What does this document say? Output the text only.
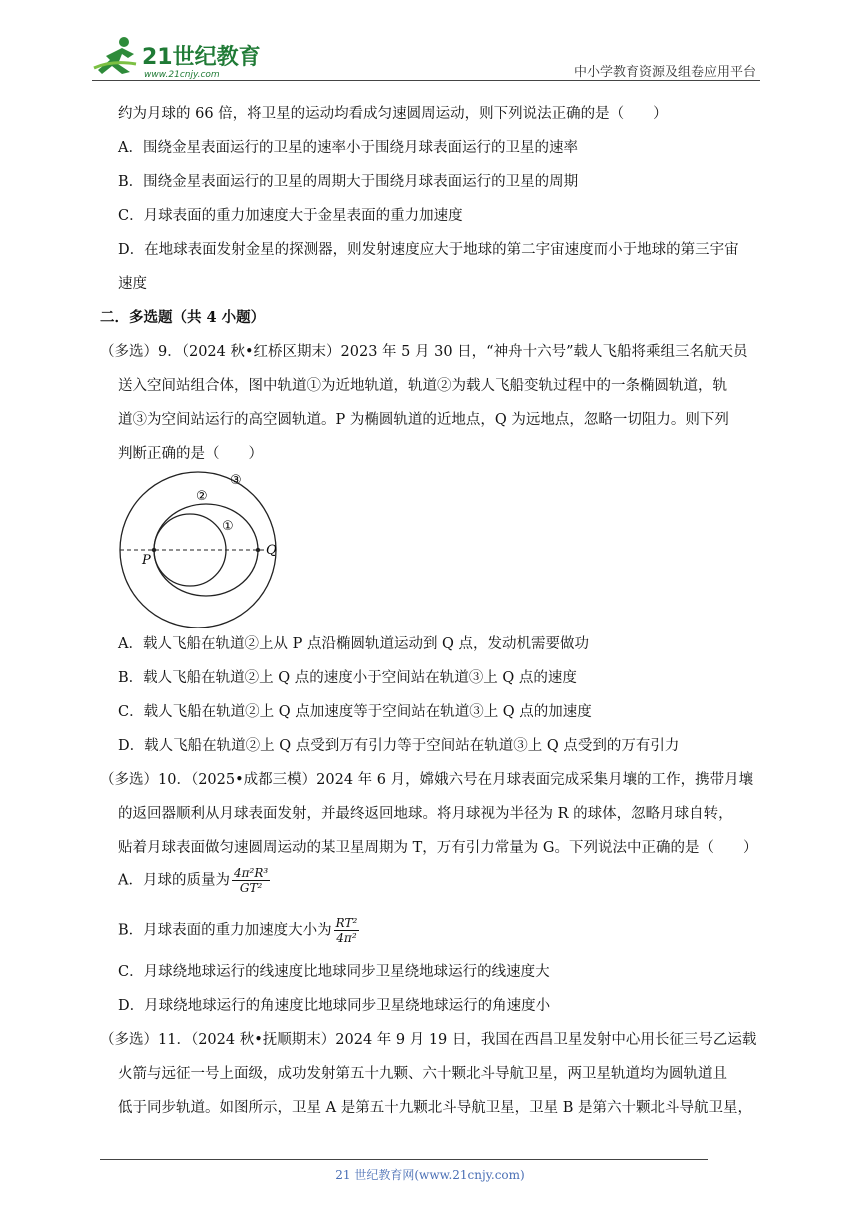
21世纪教育
www.21cnjy.com	中小学教育资源及组卷应用平台
约为月球的 66 倍，将卫星的运动均看成匀速圆周运动，则下列说法正确的是（　　）
A．围绕金星表面运行的卫星的速率小于围绕月球表面运行的卫星的速率
B．围绕金星表面运行的卫星的周期大于围绕月球表面运行的卫星的周期
C．月球表面的重力加速度大于金星表面的重力加速度
D．在地球表面发射金星的探测器，则发射速度应大于地球的第二宇宙速度而小于地球的第三宇宙
速度
二．多选题（共 4 小题）
（多选）9．（2024 秋•红桥区期末）2023 年 5 月 30 日，“神舟十六号”载人飞船将乘组三名航天员
送入空间站组合体，图中轨道①为近地轨道，轨道②为载人飞船变轨过程中的一条椭圆轨道，轨
道③为空间站运行的高空圆轨道。P 为椭圆轨道的近地点，Q 为远地点，忽略一切阻力。则下列
判断正确的是（　　）
③
②
①
P
Q
A．载人飞船在轨道②上从 P 点沿椭圆轨道运动到 Q 点，发动机需要做功
B．载人飞船在轨道②上 Q 点的速度小于空间站在轨道③上 Q 点的速度
C．载人飞船在轨道②上 Q 点加速度等于空间站在轨道③上 Q 点的加速度
D．载人飞船在轨道②上 Q 点受到万有引力等于空间站在轨道③上 Q 点受到的万有引力
（多选）10．（2025•成都三模）2024 年 6 月，嫦娥六号在月球表面完成采集月壤的工作，携带月壤
的返回器顺利从月球表面发射，并最终返回地球。将月球视为半径为 R 的球体，忽略月球自转，
贴着月球表面做匀速圆周运动的某卫星周期为 T，万有引力常量为 G。下列说法中正确的是（　　）
A．月球的质量为 $\frac{\text{4π²R³}}{\text{GT²}}$
B．月球表面的重力加速度大小为 $\frac{\text{RT²}}{\text{4π²}}$
C．月球绕地球运行的线速度比地球同步卫星绕地球运行的线速度大
D．月球绕地球运行的角速度比地球同步卫星绕地球运行的角速度小
（多选）11．（2024 秋•抚顺期末）2024 年 9 月 19 日，我国在西昌卫星发射中心用长征三号乙运载
火箭与远征一号上面级，成功发射第五十九颗、六十颗北斗导航卫星，两卫星轨道均为圆轨道且
低于同步轨道。如图所示，卫星 A 是第五十九颗北斗导航卫星，卫星 B 是第六十颗北斗导航卫星，
21 世纪教育网(www.21cnjy.com)
